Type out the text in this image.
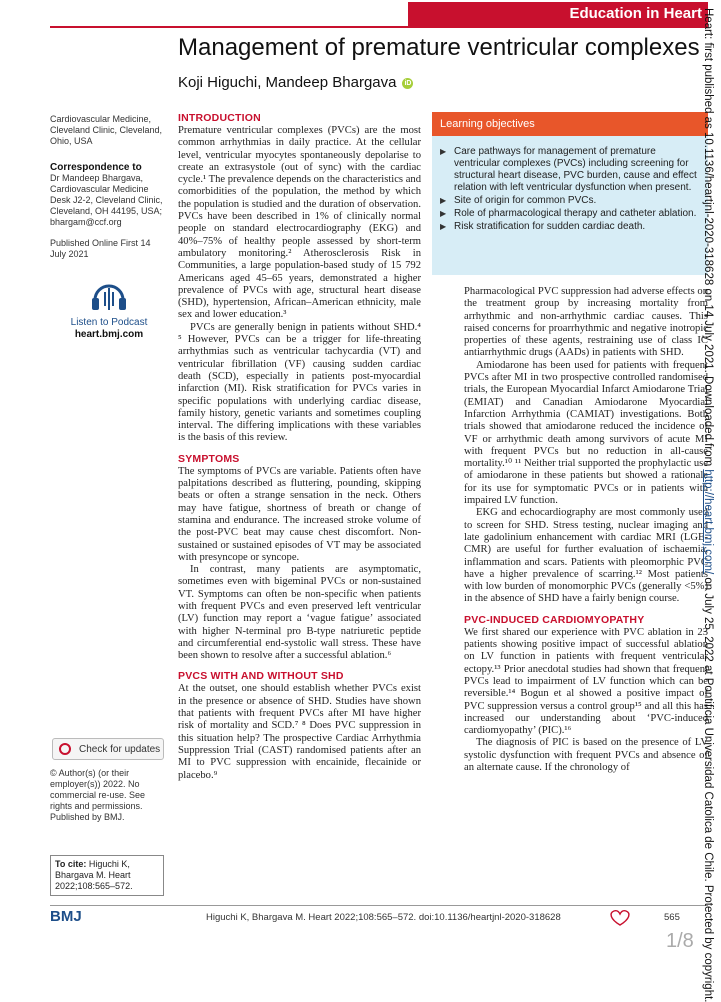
Education in Heart
Management of premature ventricular complexes
Koji Higuchi, Mandeep Bhargava iD
Cardiovascular Medicine, Cleveland Clinic, Cleveland, Ohio, USA
Correspondence to
Dr Mandeep Bhargava, Cardiovascular Medicine Desk J2-2, Cleveland Clinic, Cleveland, OH 44195, USA; bhargam@ccf.org
Published Online First 14 July 2021
Listen to Podcast
heart.bmj.com
Check for updates
© Author(s) (or their employer(s)) 2022. No commercial re-use. See rights and permissions. Published by BMJ.
To cite: Higuchi K, Bhargava M. Heart 2022;108:565–572.
INTRODUCTION

Premature ventricular complexes (PVCs) are the most common arrhythmias in daily practice. At the cellular level, ventricular myocytes spontaneously depolarise to create an extrasystole (out of sync) with the cardiac cycle.¹ The prevalence depends on the characteristics and comorbidities of the population, the method by which the population is studied and the duration of observation. PVCs have been described in 1% of clinically normal people on standard electrocardiography (EKG) and 40%–75% of healthy people assessed by short-term ambulatory monitoring.² Atherosclerosis Risk in Communities, a large population-based study of 15 792 Americans aged 45–65 years, demonstrated a higher prevalence of PVCs with age, structural heart disease (SHD), hypertension, African–American ethnicity, male sex and lower education.³

PVCs are generally benign in patients without SHD.⁴ ⁵ However, PVCs can be a trigger for life-threating arrhythmias such as ventricular tachycardia (VT) and ventricular fibrillation (VF) causing sudden cardiac death (SCD), especially in patients post-myocardial infarction (MI). Risk stratification for PVCs varies in specific populations with underlying cardiac disease, family history, genetic variants and sometimes coupling interval. The differing implications with these variables is the basis of this review.

SYMPTOMS

The symptoms of PVCs are variable. Patients often have palpitations described as fluttering, pounding, skipping beats or often a strange sensation in the neck. Others may have fatigue, shortness of breath or change of stamina and endurance. The increased stroke volume of the post-PVC beat may cause chest discomfort. Non-sustained or sustained episodes of VT may be associated with presyncope or syncope.

In contrast, many patients are asymptomatic, sometimes even with bigeminal PVCs or non-sustained VT. Symptoms can often be non-specific when patients with frequent PVCs and even preserved left ventricular (LV) function may report a ‘vague fatigue’ associated with higher N-terminal pro B-type natriuretic peptide and circumferential end-systolic wall stress. These have been shown to resolve after a successful ablation.⁶

PVCS WITH AND WITHOUT SHD

At the outset, one should establish whether PVCs exist in the presence or absence of SHD. Studies have shown that patients with frequent PVCs after MI have higher risk of mortality and SCD.⁷ ⁸ Does PVC suppression in this situation help? The prospective Cardiac Arrhythmia Suppression Trial (CAST) randomised patients after an MI to PVC suppression with encainide, flecainide or placebo.⁹

Learning objectives
▶ Care pathways for management of premature ventricular complexes (PVCs) including screening for structural heart disease, PVC burden, cause and effect relation with left ventricular dysfunction when present.
▶ Site of origin for common PVCs.
▶ Role of pharmacological therapy and catheter ablation.
▶ Risk stratification for sudden cardiac death.

Pharmacological PVC suppression had adverse effects on the treatment group by increasing mortality from arrhythmic and non-arrhythmic cardiac causes. This raised concerns for proarrhythmic and negative inotropic properties of these agents, restraining use of class IC antiarrhythmic drugs (AADs) in patients with SHD.

Amiodarone has been used for patients with frequent PVCs after MI in two prospective controlled randomised trials, the European Myocardial Infarct Amiodarone Trial (EMIAT) and Canadian Amiodarone Myocardial Infarction Arrhythmia (CAMIAT) investigations. Both trials showed that amiodarone reduced the incidence of VF or arrhythmic death among survivors of acute MI with frequent PVCs but no reduction in all-cause mortality.¹⁰ ¹¹ Neither trial supported the prophylactic use of amiodarone in these patients but showed a rationale for its use for symptomatic PVCs or in patients with impaired LV function.

EKG and echocardiography are most commonly used to screen for SHD. Stress testing, nuclear imaging and late gadolinium enhancement with cardiac MRI (LGE-CMR) are useful for further evaluation of ischaemia, inflammation and scars. Patients with pleomorphic PVC have a higher prevalence of scarring.¹² Most patients with low burden of monomorphic PVCs (generally <5%) in the absence of SHD have a fairly benign course.

PVC-INDUCED CARDIOMYOPATHY

We first shared our experience with PVC ablation in 23 patients showing positive impact of successful ablation on LV function in patients with frequent ventricular ectopy.¹³ Prior anecdotal studies had shown that frequent PVCs lead to impairment of LV function which can be reversible.¹⁴ Bogun et al showed a positive impact of PVC suppression versus a control group¹⁵ and all this has increased our understanding about ‘PVC-induced cardiomyopathy’ (PIC).¹⁶

The diagnosis of PIC is based on the presence of LV systolic dysfunction with frequent PVCs and absence of an alternate cause. If the chronology of

BMJ	Higuchi K, Bhargava M. Heart 2022;108:565–572. doi:10.1136/heartjnl-2020-318628	565
1/8
Heart: first published as 10.1136/heartjnl-2020-318628 on 14 July 2021. Downloaded from http://heart.bmj.com/ on July 25, 2022 at Pontificia Universidad Catolica de Chile. Protected by copyright.
